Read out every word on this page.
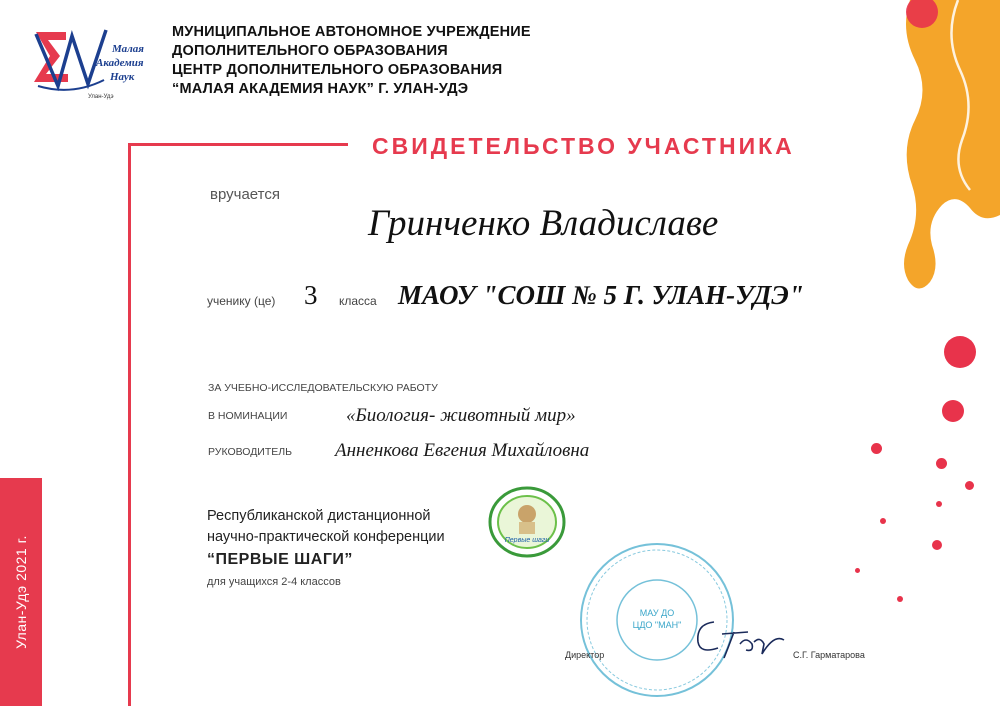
Малая
Академия
Наук
Улан-Удэ
МУНИЦИПАЛЬНОЕ АВТОНОМНОЕ УЧРЕЖДЕНИЕ
ДОПОЛНИТЕЛЬНОГО ОБРАЗОВАНИЯ
ЦЕНТР ДОПОЛНИТЕЛЬНОГО ОБРАЗОВАНИЯ
“МАЛАЯ АКАДЕМИЯ НАУК” Г. УЛАН-УДЭ
СВИДЕТЕЛЬСТВО УЧАСТНИКА
вручается
Гринченко Владиславе
ученику (це) 3 класса МАОУ "СОШ № 5 Г. УЛАН-УДЭ"
ЗА УЧЕБНО-ИССЛЕДОВАТЕЛЬСКУЮ РАБОТУ
В НОМИНАЦИИ	«Биология- животный мир»
РУКОВОДИТЕЛЬ Анненкова Евгения Михайловна
Республиканской дистанционной
научно-практической конференции
“ПЕРВЫЕ ШАГИ”
для учащихся 2-4 классов
Первые шаги
МАУ ДО
ЦДО "МАН"
Директор	С.Г. Гарматарова
Улан-Удэ 2021 г.
